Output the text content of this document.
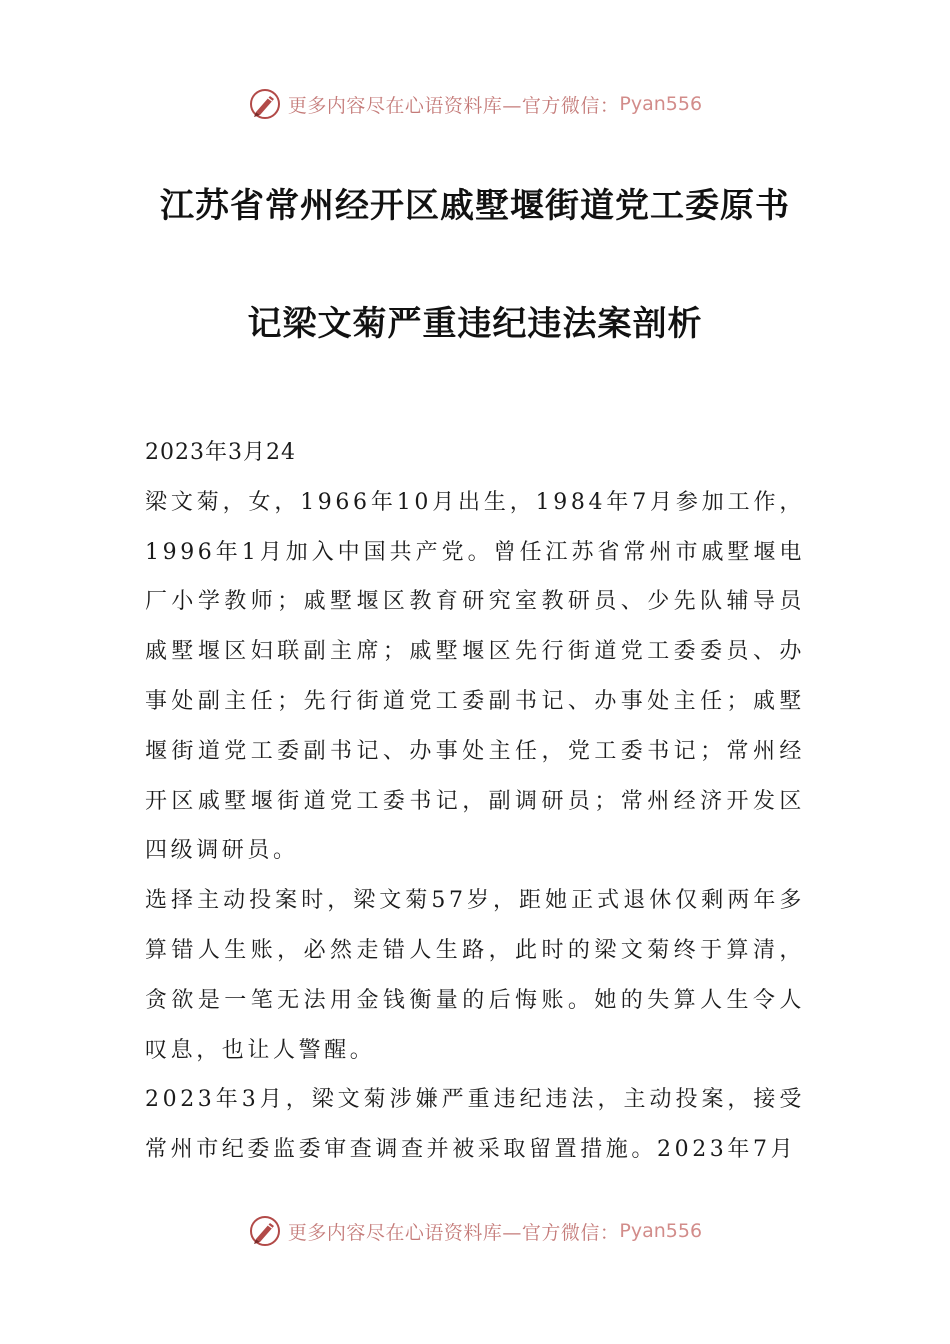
更多内容尽在心语资料库—官方微信： Pyan556
江苏省常州经开区戚墅堰街道党工委原书
记梁文菊严重违纪违法案剖析

2023年3月24

梁文菊，女，1966年10月出生，1984年7月参加工作，1996年1月加入中国共产党。曾任江苏省常州市戚墅堰电厂小学教师；戚墅堰区教育研究室教研员、少先队辅导员戚墅堰区妇联副主席；戚墅堰区先行街道党工委委员、办事处副主任；先行街道党工委副书记、办事处主任；戚墅堰街道党工委副书记、办事处主任，党工委书记；常州经开区戚墅堰街道党工委书记，副调研员；常州经济开发区四级调研员。

选择主动投案时，梁文菊57岁，距她正式退休仅剩两年多算错人生账，必然走错人生路，此时的梁文菊终于算清，贪欲是一笔无法用金钱衡量的后悔账。她的失算人生令人叹息，也让人警醒。

2023年3月，梁文菊涉嫌严重违纪违法，主动投案，接受常州市纪委监委审查调查并被采取留置措施。2023年7月

更多内容尽在心语资料库—官方微信： Pyan556
